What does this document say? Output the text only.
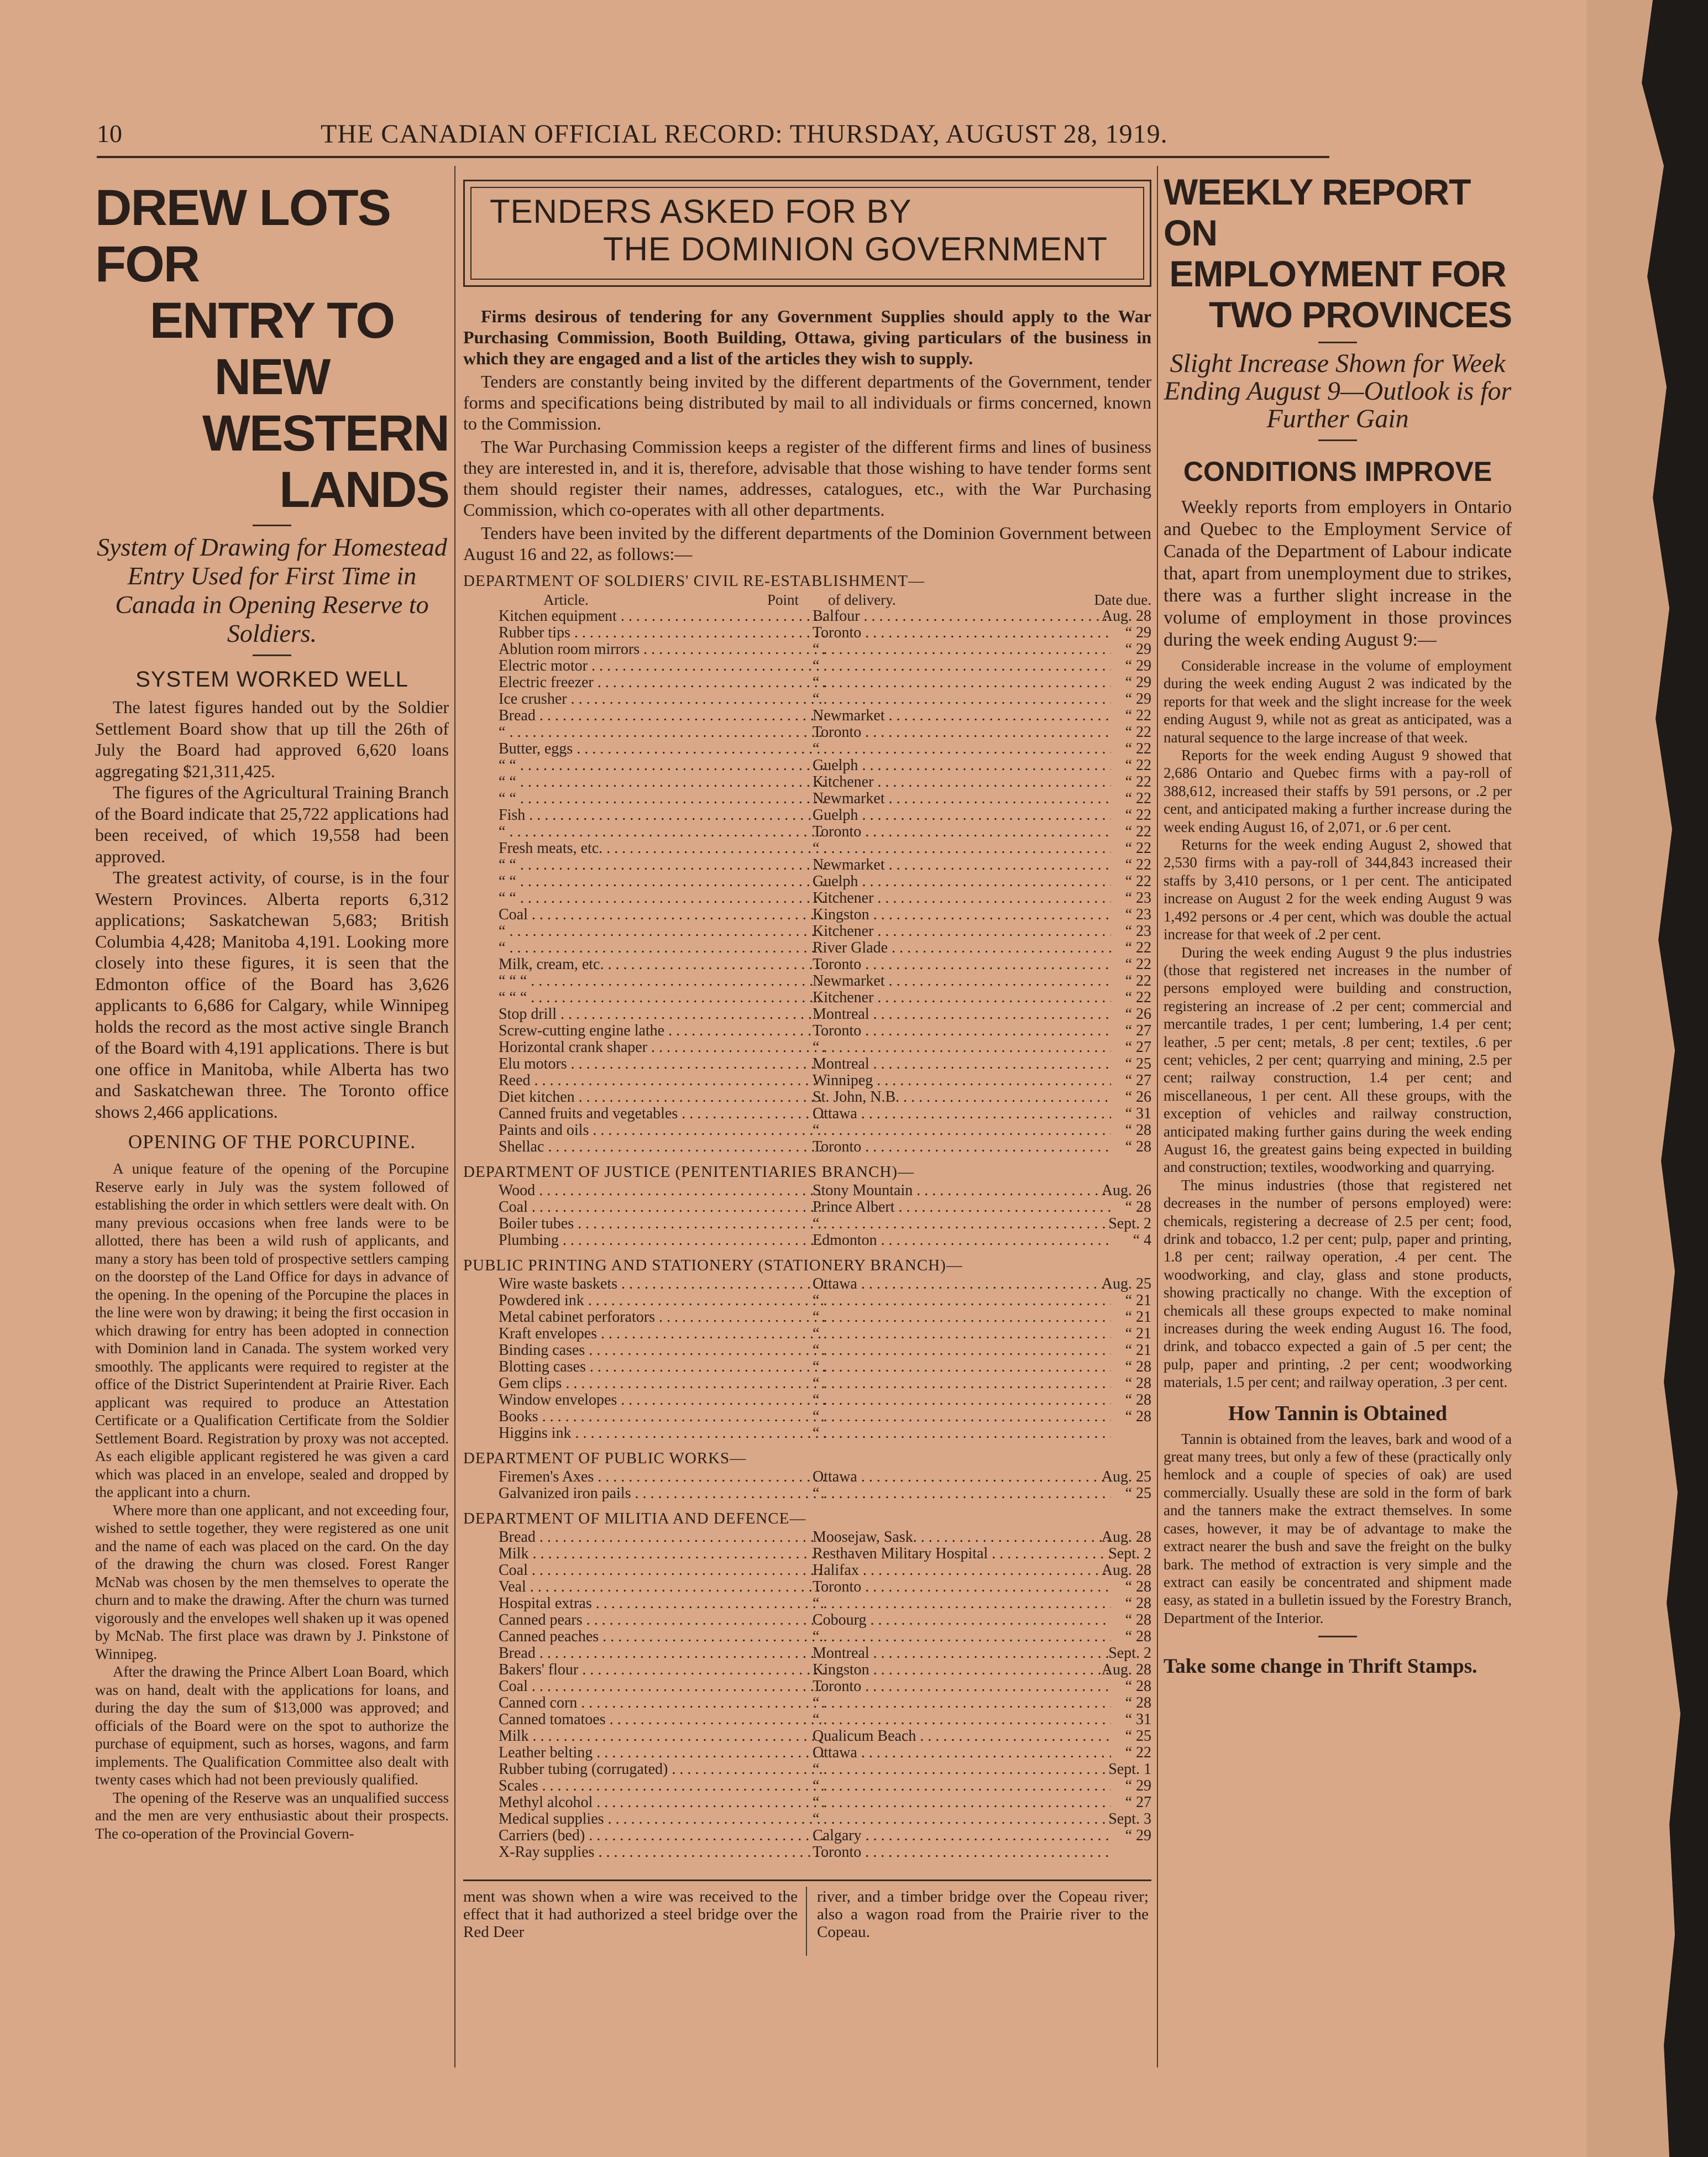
10	THE CANADIAN OFFICIAL RECORD: THURSDAY, AUGUST 28, 1919.
DREW LOTS FOR
ENTRY TO NEW
WESTERN LANDS
System of Drawing for Homestead Entry Used for First Time in Canada in Opening Reserve to Soldiers.
SYSTEM WORKED WELL

The latest figures handed out by the Soldier Settlement Board show that up till the 26th of July the Board had approved 6,620 loans aggregating $21,311,425.

The figures of the Agricultural Training Branch of the Board indicate that 25,722 applications had been received, of which 19,558 had been approved.

The greatest activity, of course, is in the four Western Provinces. Alberta reports 6,312 applications; Saskatchewan 5,683; British Columbia 4,428; Manitoba 4,191. Looking more closely into these figures, it is seen that the Edmonton office of the Board has 3,626 applicants to 6,686 for Calgary, while Winnipeg holds the record as the most active single Branch of the Board with 4,191 applications. There is but one office in Manitoba, while Alberta has two and Saskatchewan three. The Toronto office shows 2,466 applications.

OPENING OF THE PORCUPINE.

A unique feature of the opening of the Porcupine Reserve early in July was the system followed of establishing the order in which settlers were dealt with. On many previous occasions when free lands were to be allotted, there has been a wild rush of applicants, and many a story has been told of prospective settlers camping on the doorstep of the Land Office for days in advance of the opening. In the opening of the Porcupine the places in the line were won by drawing; it being the first occasion in which drawing for entry has been adopted in connection with Dominion land in Canada. The system worked very smoothly. The applicants were required to register at the office of the District Superintendent at Prairie River. Each applicant was required to produce an Attestation Certificate or a Qualification Certificate from the Soldier Settlement Board. Registration by proxy was not accepted. As each eligible applicant registered he was given a card which was placed in an envelope, sealed and dropped by the applicant into a churn.

Where more than one applicant, and not exceeding four, wished to settle together, they were registered as one unit and the name of each was placed on the card. On the day of the drawing the churn was closed. Forest Ranger McNab was chosen by the men themselves to operate the churn and to make the drawing. After the churn was turned vigorously and the envelopes well shaken up it was opened by McNab. The first place was drawn by J. Pinkstone of Winnipeg.

After the drawing the Prince Albert Loan Board, which was on hand, dealt with the applications for loans, and during the day the sum of $13,000 was approved; and officials of the Board were on the spot to authorize the purchase of equipment, such as horses, wagons, and farm implements. The Qualification Committee also dealt with twenty cases which had not been previously qualified.

The opening of the Reserve was an unqualified success and the men are very enthusiastic about their prospects. The co-operation of the Provincial Govern-

TENDERS ASKED FOR BY
THE DOMINION GOVERNMENT

Firms desirous of tendering for any Government Supplies should apply to the War Purchasing Commission, Booth Building, Ottawa, giving particulars of the business in which they are engaged and a list of the articles they wish to supply.

Tenders are constantly being invited by the different departments of the Government, tender forms and specifications being distributed by mail to all individuals or firms concerned, known to the Commission.

The War Purchasing Commission keeps a register of the different firms and lines of business they are interested in, and it is, therefore, advisable that those wishing to have tender forms sent them should register their names, addresses, catalogues, etc., with the War Purchasing Commission, which co-operates with all other departments.

Tenders have been invited by the different departments of the Dominion Government between August 16 and 22, as follows:—

DEPARTMENT OF SOLDIERS' CIVIL RE-ESTABLISHMENT—
Article.	Point of delivery.	Date due.
Kitchen equipment . . .	Balfour . . .	Aug. 28
Rubber tips . . .	Toronto . . .	“ 29
Ablution room mirrors . . .	“ . . .	“ 29
Electric motor . . .	“ . . .	“ 29
Electric freezer . . .	“ . . .	“ 29
Ice crusher . . .	“ . . .	“ 29
Bread . . .	Newmarket . . .	“ 22
“ . . .	Toronto . . .	“ 22
Butter, eggs . . .	“ . . .	“ 22
“ “ . . .	Guelph . . .	“ 22
“ “ . . .	Kitchener . . .	“ 22
“ “ . . .	Newmarket . . .	“ 22
Fish . . .	Guelph . . .	“ 22
“ . . .	Toronto . . .	“ 22
Fresh meats, etc. . . .	“ . . .	“ 22
“ “ . . .	Newmarket . . .	“ 22
“ “ . . .	Guelph . . .	“ 22
“ “ . . .	Kitchener . . .	“ 23
Coal . . .	Kingston . . .	“ 23
“ . . .	Kitchener . . .	“ 23
“ . . .	River Glade . . .	“ 22
Milk, cream, etc. . . .	Toronto . . .	“ 22
“ “ “ . . .	Newmarket . . .	“ 22
“ “ “ . . .	Kitchener . . .	“ 22
Stop drill . . .	Montreal . . .	“ 26
Screw-cutting engine lathe . . .	Toronto . . .	“ 27
Horizontal crank shaper . . .	“ . . .	“ 27
Elu motors . . .	Montreal . . .	“ 25
Reed . . .	Winnipeg . . .	“ 27
Diet kitchen . . .	St. John, N.B. . . .	“ 26
Canned fruits and vegetables . . .	Ottawa . . .	“ 31
Paints and oils . . .	“ . . .	“ 28
Shellac . . .	Toronto . . .	“ 28
DEPARTMENT OF JUSTICE (PENITENTIARIES BRANCH)—
Wood . . .	Stony Mountain . . .	Aug. 26
Coal . . .	Prince Albert . . .	“ 28
Boiler tubes . . .	“ . . .	Sept. 2
Plumbing . . .	Edmonton . . .	“ 4
PUBLIC PRINTING AND STATIONERY (STATIONERY BRANCH)—
Wire waste baskets . . .	Ottawa . . .	Aug. 25
Powdered ink . . .	“ . . .	“ 21
Metal cabinet perforators . . .	“ . . .	“ 21
Kraft envelopes . . .	“ . . .	“ 21
Binding cases . . .	“ . . .	“ 21
Blotting cases . . .	“ . . .	“ 28
Gem clips . . .	“ . . .	“ 28
Window envelopes . . .	“ . . .	“ 28
Books . . .	“ . . .	“ 28
Higgins ink . . .	“ . . .
DEPARTMENT OF PUBLIC WORKS—
Firemen's Axes . . .	Ottawa . . .	Aug. 25
Galvanized iron pails . . .	“ . . .	“ 25
DEPARTMENT OF MILITIA AND DEFENCE—
Bread . . .	Moosejaw, Sask. . . .	Aug. 28
Milk . . .	Resthaven Military Hospital . . .	Sept. 2
Coal . . .	Halifax . . .	Aug. 28
Veal . . .	Toronto . . .	“ 28
Hospital extras . . .	“ . . .	“ 28
Canned pears . . .	Cobourg . . .	“ 28
Canned peaches . . .	“ . . .	“ 28
Bread . . .	Montreal . . .	Sept. 2
Bakers' flour . . .	Kingston . . .	Aug. 28
Coal . . .	Toronto . . .	“ 28
Canned corn . . .	“ . . .	“ 28
Canned tomatoes . . .	“ . . .	“ 31
Milk . . .	Qualicum Beach . . .	“ 25
Leather belting . . .	Ottawa . . .	“ 22
Rubber tubing (corrugated) . . .	“ . . .	Sept. 1
Scales . . .	“ . . .	“ 29
Methyl alcohol . . .	“ . . .	“ 27
Medical supplies . . .	“ . . .	Sept. 3
Carriers (bed) . . .	Calgary . . .	“ 29
X-Ray supplies . . .	Toronto . . .
ment was shown when a wire was received to the effect that it had authorized a steel bridge over the Red Deer
river, and a timber bridge over the Copeau river; also a wagon road from the Prairie river to the Copeau.
WEEKLY REPORT ON
EMPLOYMENT FOR
TWO PROVINCES
Slight Increase Shown for Week Ending August 9—Outlook is for Further Gain
CONDITIONS IMPROVE

Weekly reports from employers in Ontario and Quebec to the Employment Service of Canada of the Department of Labour indicate that, apart from unemployment due to strikes, there was a further slight increase in the volume of employment in those provinces during the week ending August 9:—

Considerable increase in the volume of employment during the week ending August 2 was indicated by the reports for that week and the slight increase for the week ending August 9, while not as great as anticipated, was a natural sequence to the large increase of that week.

Reports for the week ending August 9 showed that 2,686 Ontario and Quebec firms with a pay-roll of 388,612, increased their staffs by 591 persons, or .2 per cent, and anticipated making a further increase during the week ending August 16, of 2,071, or .6 per cent.

Returns for the week ending August 2, showed that 2,530 firms with a pay-roll of 344,843 increased their staffs by 3,410 persons, or 1 per cent. The anticipated increase on August 2 for the week ending August 9 was 1,492 persons or .4 per cent, which was double the actual increase for that week of .2 per cent.

During the week ending August 9 the plus industries (those that registered net increases in the number of persons employed were building and construction, registering an increase of .2 per cent; commercial and mercantile trades, 1 per cent; lumbering, 1.4 per cent; leather, .5 per cent; metals, .8 per cent; textiles, .6 per cent; vehicles, 2 per cent; quarrying and mining, 2.5 per cent; railway construction, 1.4 per cent; and miscellaneous, 1 per cent. All these groups, with the exception of vehicles and railway construction, anticipated making further gains during the week ending August 16, the greatest gains being expected in building and construction; textiles, woodworking and quarrying.

The minus industries (those that registered net decreases in the number of persons employed) were: chemicals, registering a decrease of 2.5 per cent; food, drink and tobacco, 1.2 per cent; pulp, paper and printing, 1.8 per cent; railway operation, .4 per cent. The woodworking, and clay, glass and stone products, showing practically no change. With the exception of chemicals all these groups expected to make nominal increases during the week ending August 16. The food, drink, and tobacco expected a gain of .5 per cent; the pulp, paper and printing, .2 per cent; woodworking materials, 1.5 per cent; and railway operation, .3 per cent.

How Tannin is Obtained

Tannin is obtained from the leaves, bark and wood of a great many trees, but only a few of these (practically only hemlock and a couple of species of oak) are used commercially. Usually these are sold in the form of bark and the tanners make the extract themselves. In some cases, however, it may be of advantage to make the extract nearer the bush and save the freight on the bulky bark. The method of extraction is very simple and the extract can easily be concentrated and shipment made easy, as stated in a bulletin issued by the Forestry Branch, Department of the Interior.

Take some change in Thrift Stamps.
